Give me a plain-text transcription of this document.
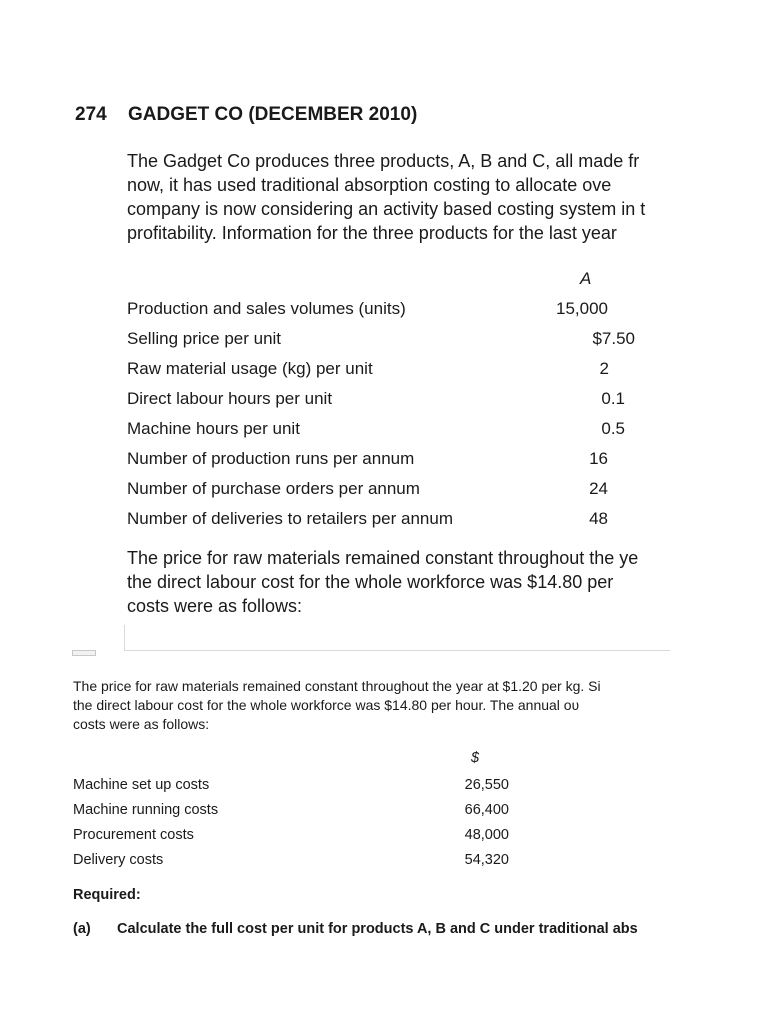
274 GADGET CO (DECEMBER 2010)
The Gadget Co produces three products, A, B and C, all made fr
now, it has used traditional absorption costing to allocate ove
company is now considering an activity based costing system in t
profitability. Information for the three products for the last year
A
Production and sales volumes (units)	15,000
Selling price per unit	$7.50
Raw material usage (kg) per unit	2
Direct labour hours per unit	0.1
Machine hours per unit	0.5
Number of production runs per annum	16
Number of purchase orders per annum	24
Number of deliveries to retailers per annum	48
The price for raw materials remained constant throughout the ye
the direct labour cost for the whole workforce was $14.80 per
costs were as follows:
The price for raw materials remained constant throughout the year at $1.20 per kg. Si
the direct labour cost for the whole workforce was $14.80 per hour. The annual oʋ
costs were as follows:
$
Machine set up costs	26,550
Machine running costs	66,400
Procurement costs	48,000
Delivery costs	54,320
Required:
(a) Calculate the full cost per unit for products A, B and C under traditional abs
